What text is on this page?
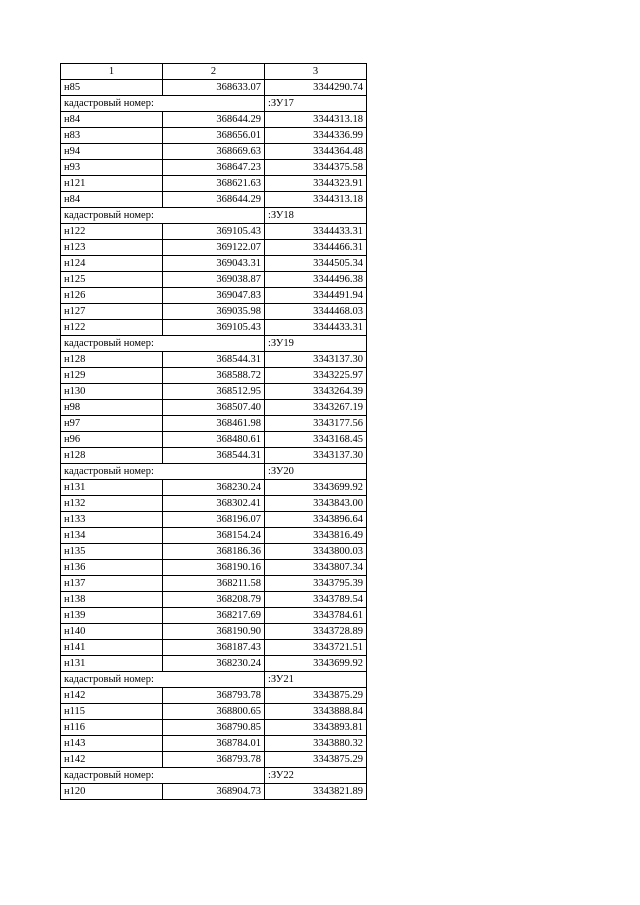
1	2	3
н85	368633.07	3344290.74
кадастровый номер:		:ЗУ17
н84	368644.29	3344313.18
н83	368656.01	3344336.99
н94	368669.63	3344364.48
н93	368647.23	3344375.58
н121	368621.63	3344323.91
н84	368644.29	3344313.18
кадастровый номер:		:ЗУ18
н122	369105.43	3344433.31
н123	369122.07	3344466.31
н124	369043.31	3344505.34
н125	369038.87	3344496.38
н126	369047.83	3344491.94
н127	369035.98	3344468.03
н122	369105.43	3344433.31
кадастровый номер:		:ЗУ19
н128	368544.31	3343137.30
н129	368588.72	3343225.97
н130	368512.95	3343264.39
н98	368507.40	3343267.19
н97	368461.98	3343177.56
н96	368480.61	3343168.45
н128	368544.31	3343137.30
кадастровый номер:		:ЗУ20
н131	368230.24	3343699.92
н132	368302.41	3343843.00
н133	368196.07	3343896.64
н134	368154.24	3343816.49
н135	368186.36	3343800.03
н136	368190.16	3343807.34
н137	368211.58	3343795.39
н138	368208.79	3343789.54
н139	368217.69	3343784.61
н140	368190.90	3343728.89
н141	368187.43	3343721.51
н131	368230.24	3343699.92
кадастровый номер:		:ЗУ21
н142	368793.78	3343875.29
н115	368800.65	3343888.84
н116	368790.85	3343893.81
н143	368784.01	3343880.32
н142	368793.78	3343875.29
кадастровый номер:		:ЗУ22
н120	368904.73	3343821.89
